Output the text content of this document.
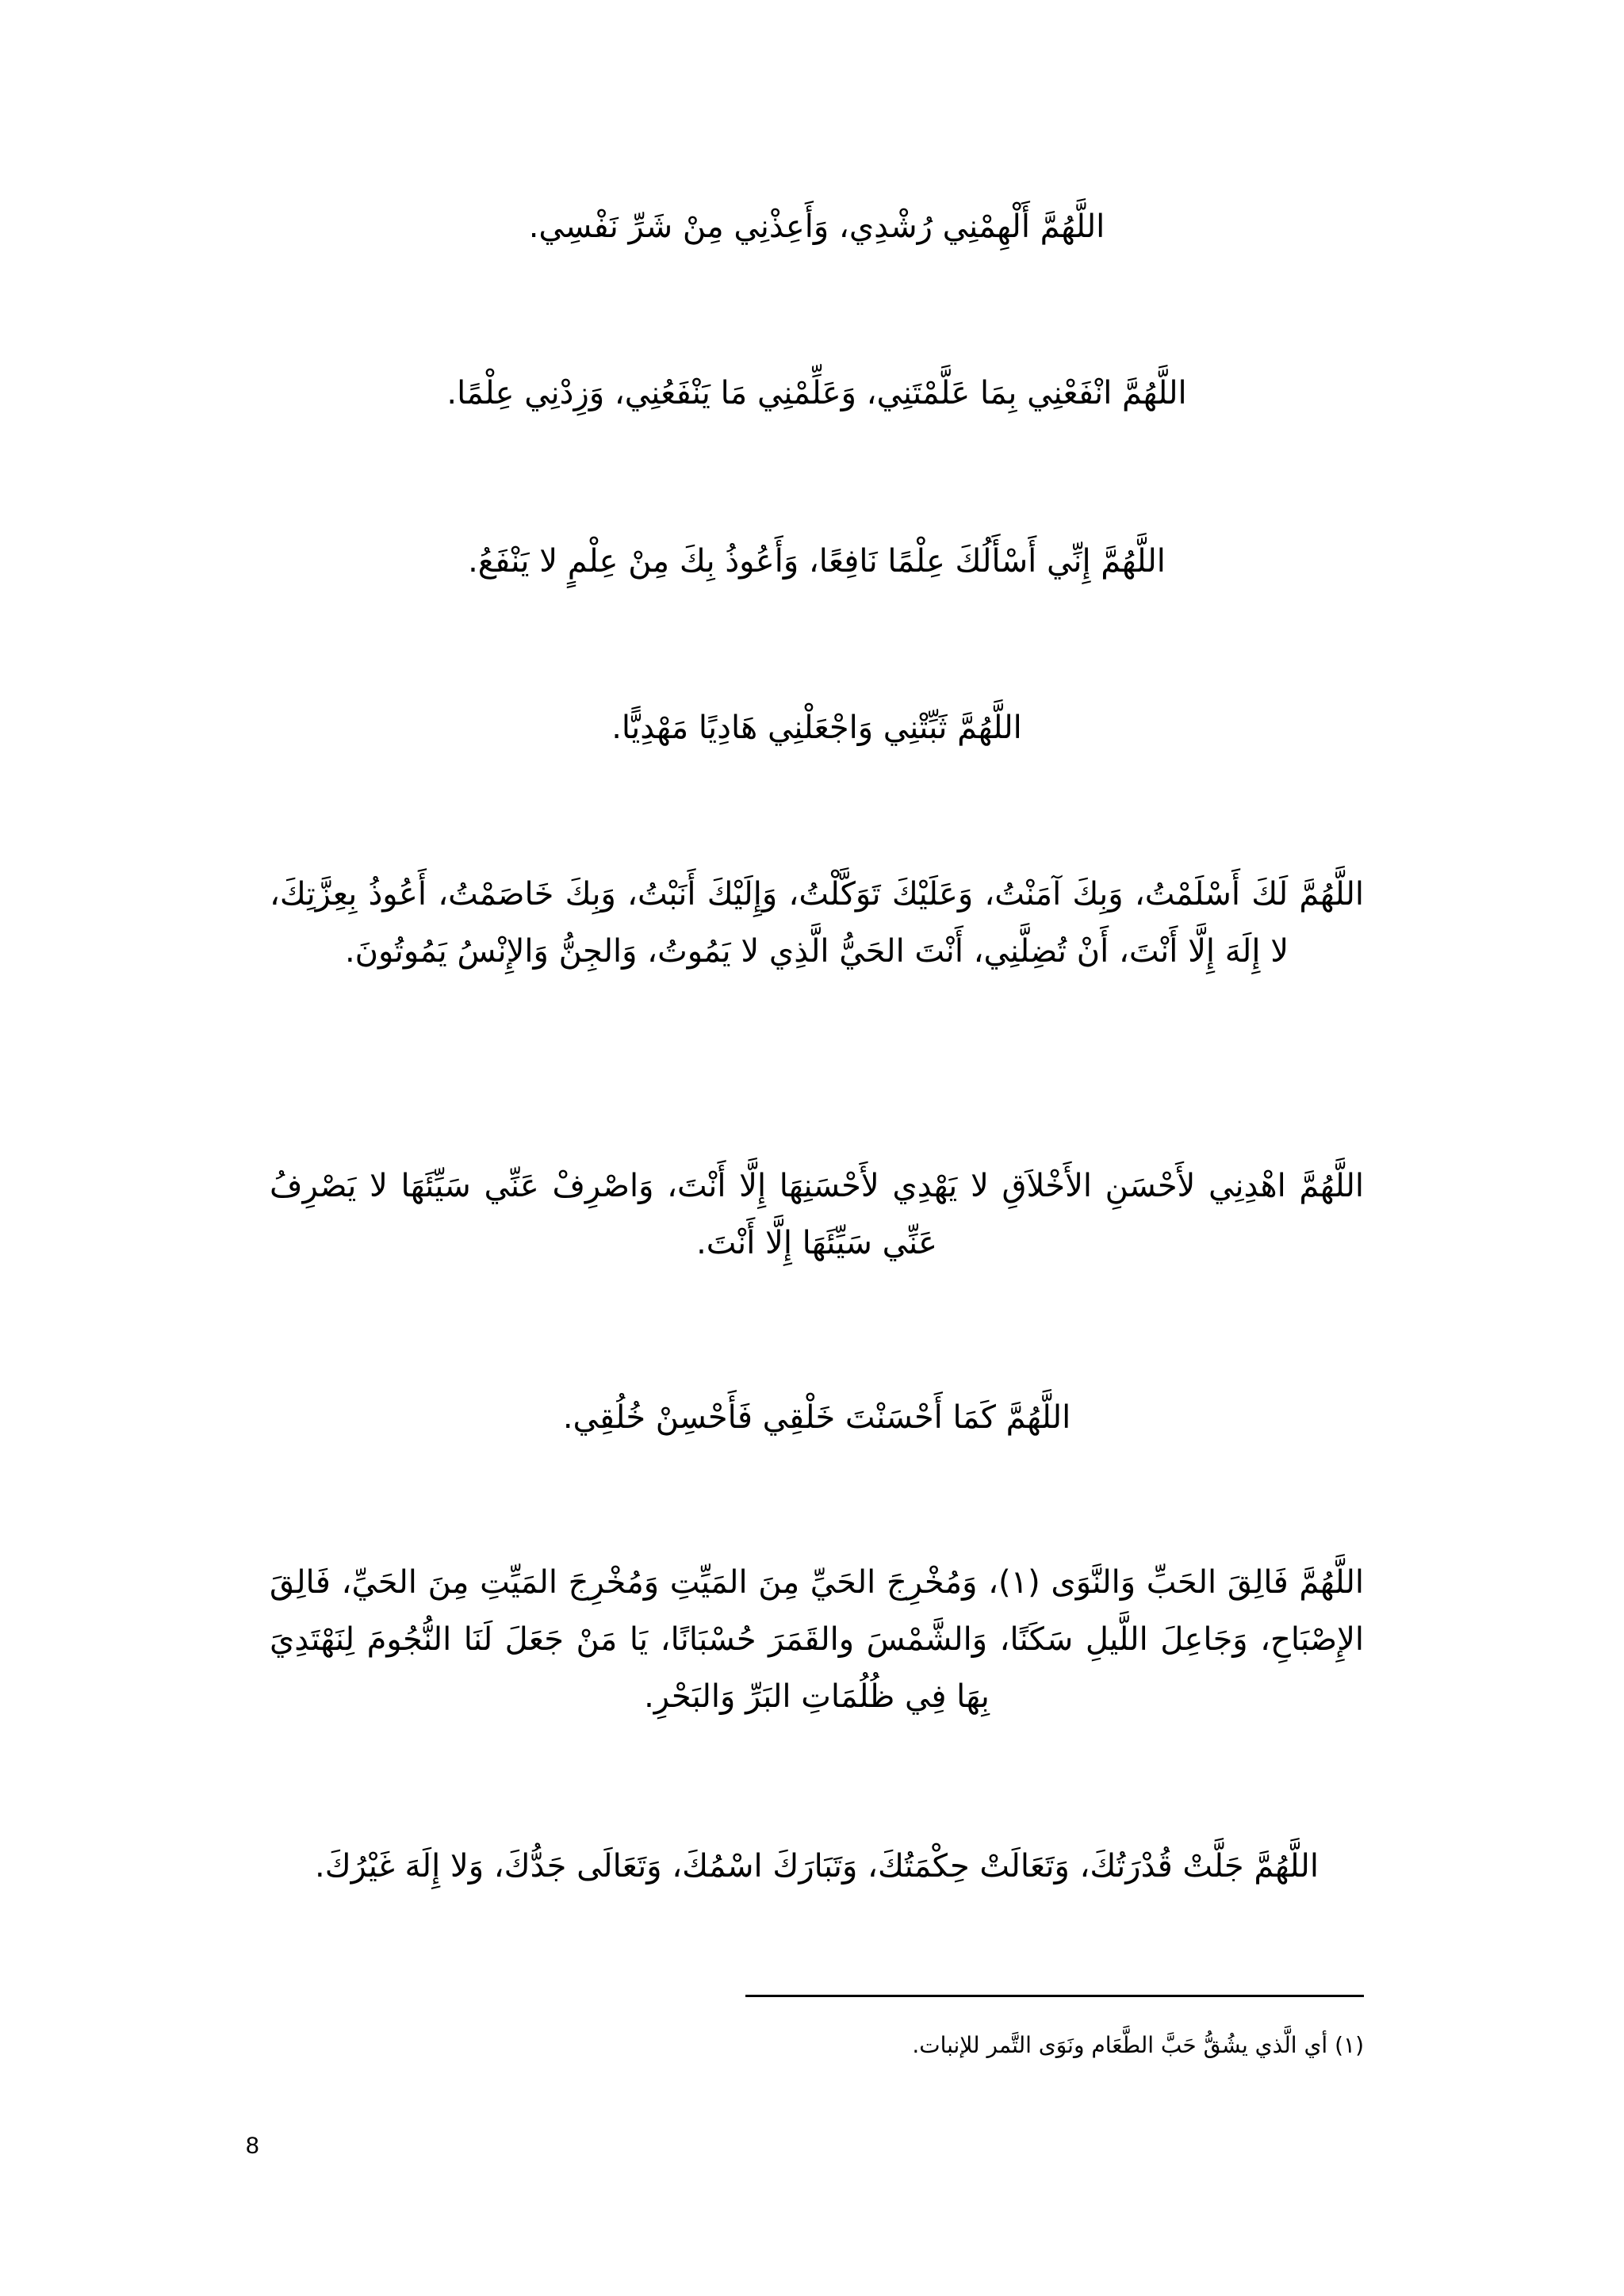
اللَّهُمَّ أَلْهِمْنِي رُشْدِي، وَأَعِذْنِي مِنْ شَرِّ نَفْسِي.

اللَّهُمَّ انْفَعْنِي بِمَا عَلَّمْتَنِي، وَعَلِّمْنِي مَا يَنْفَعُنِي، وَزِدْنِي عِلْمًا.

اللَّهُمَّ إِنِّي أَسْأَلُكَ عِلْمًا نَافِعًا، وَأَعُوذُ بِكَ مِنْ عِلْمٍ لا يَنْفَعُ.

اللَّهُمَّ ثَبِّتْنِي وَاجْعَلْنِي هَادِيًا مَهْدِيًّا.

اللَّهُمَّ لَكَ أَسْلَمْتُ، وَبِكَ آمَنْتُ، وَعَلَيْكَ تَوَكَّلْتُ، وَإِلَيْكَ أَنَبْتُ، وَبِكَ خَاصَمْتُ، أَعُوذُ بِعِزَّتِكَ، لا إِلَهَ إِلَّا أَنْتَ، أَنْ تُضِلَّنِي، أَنْتَ الحَيُّ الَّذِي لا يَمُوتُ، وَالجِنُّ وَالإِنْسُ يَمُوتُونَ.

اللَّهُمَّ اهْدِنِي لأَحْسَنِ الأَخْلاَقِ لا يَهْدِي لأَحْسَنِهَا إِلَّا أَنْتَ، وَاصْرِفْ عَنِّي سَيِّئَهَا لا يَصْرِفُ عَنِّي سَيِّئَهَا إِلَّا أَنْتَ.

اللَّهُمَّ كَمَا أَحْسَنْتَ خَلْقِي فَأَحْسِنْ خُلُقِي.

اللَّهُمَّ فَالِقَ الحَبِّ وَالنَّوَى (١)، وَمُخْرِجَ الحَيِّ مِنَ المَيِّتِ وَمُخْرِجَ المَيِّتِ مِنَ الحَيِّ، فَالِقَ الإِصْبَاحِ، وَجَاعِلَ اللَّيلِ سَكَنًا، وَالشَّمْسَ والقَمَرَ حُسْبَانًا، يَا مَنْ جَعَلَ لَنَا النُّجُومَ لِنَهْتَدِيَ بِهَا فِي ظُلُمَاتِ البَرِّ وَالبَحْرِ.

اللَّهُمَّ جَلَّتْ قُدْرَتُكَ، وَتَعَالَتْ حِكْمَتُكَ، وَتَبَارَكَ اسْمُكَ، وَتَعَالَى جَدُّكَ، وَلا إِلَهَ غَيْرُكَ.

(١) أي الَّذي يشُقُّ حَبَّ الطَّعَام ونَوَى التَّمر للإنبات.
8
